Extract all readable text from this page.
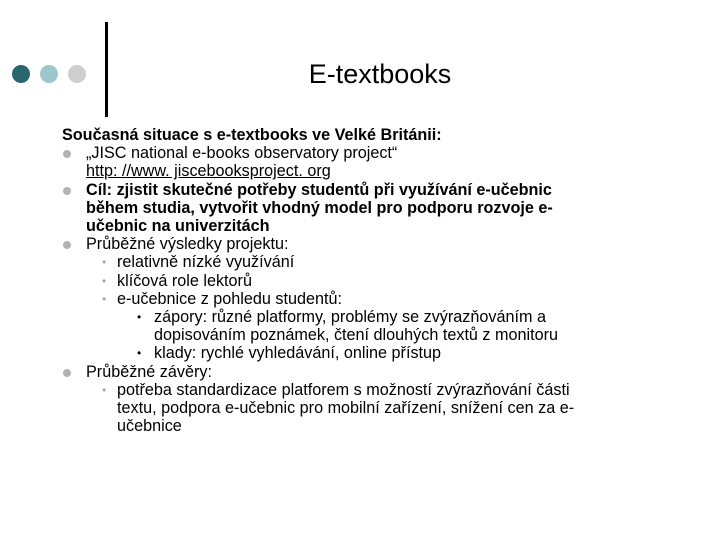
E-textbooks
Současná situace s e-textbooks ve Velké Británii:
„JISC national e-books observatory project“
http: //www. jiscebooksproject. org
Cíl: zjistit skutečné potřeby studentů při využívání e-učebnic
během studia, vytvořit vhodný model pro podporu rozvoje e-
učebnic na univerzitách
Průběžné výsledky projektu:
• relativně nízké využívání
• klíčová role lektorů
• e-učebnice z pohledu studentů:
• zápory: různé platformy, problémy se zvýrazňováním a
dopisováním poznámek, čtení dlouhých textů z monitoru
• klady: rychlé vyhledávání, online přístup
Průběžné závěry:
• potřeba standardizace platforem s možností zvýrazňování části
textu, podpora e-učebnic pro mobilní zařízení, snížení cen za e-
učebnice
